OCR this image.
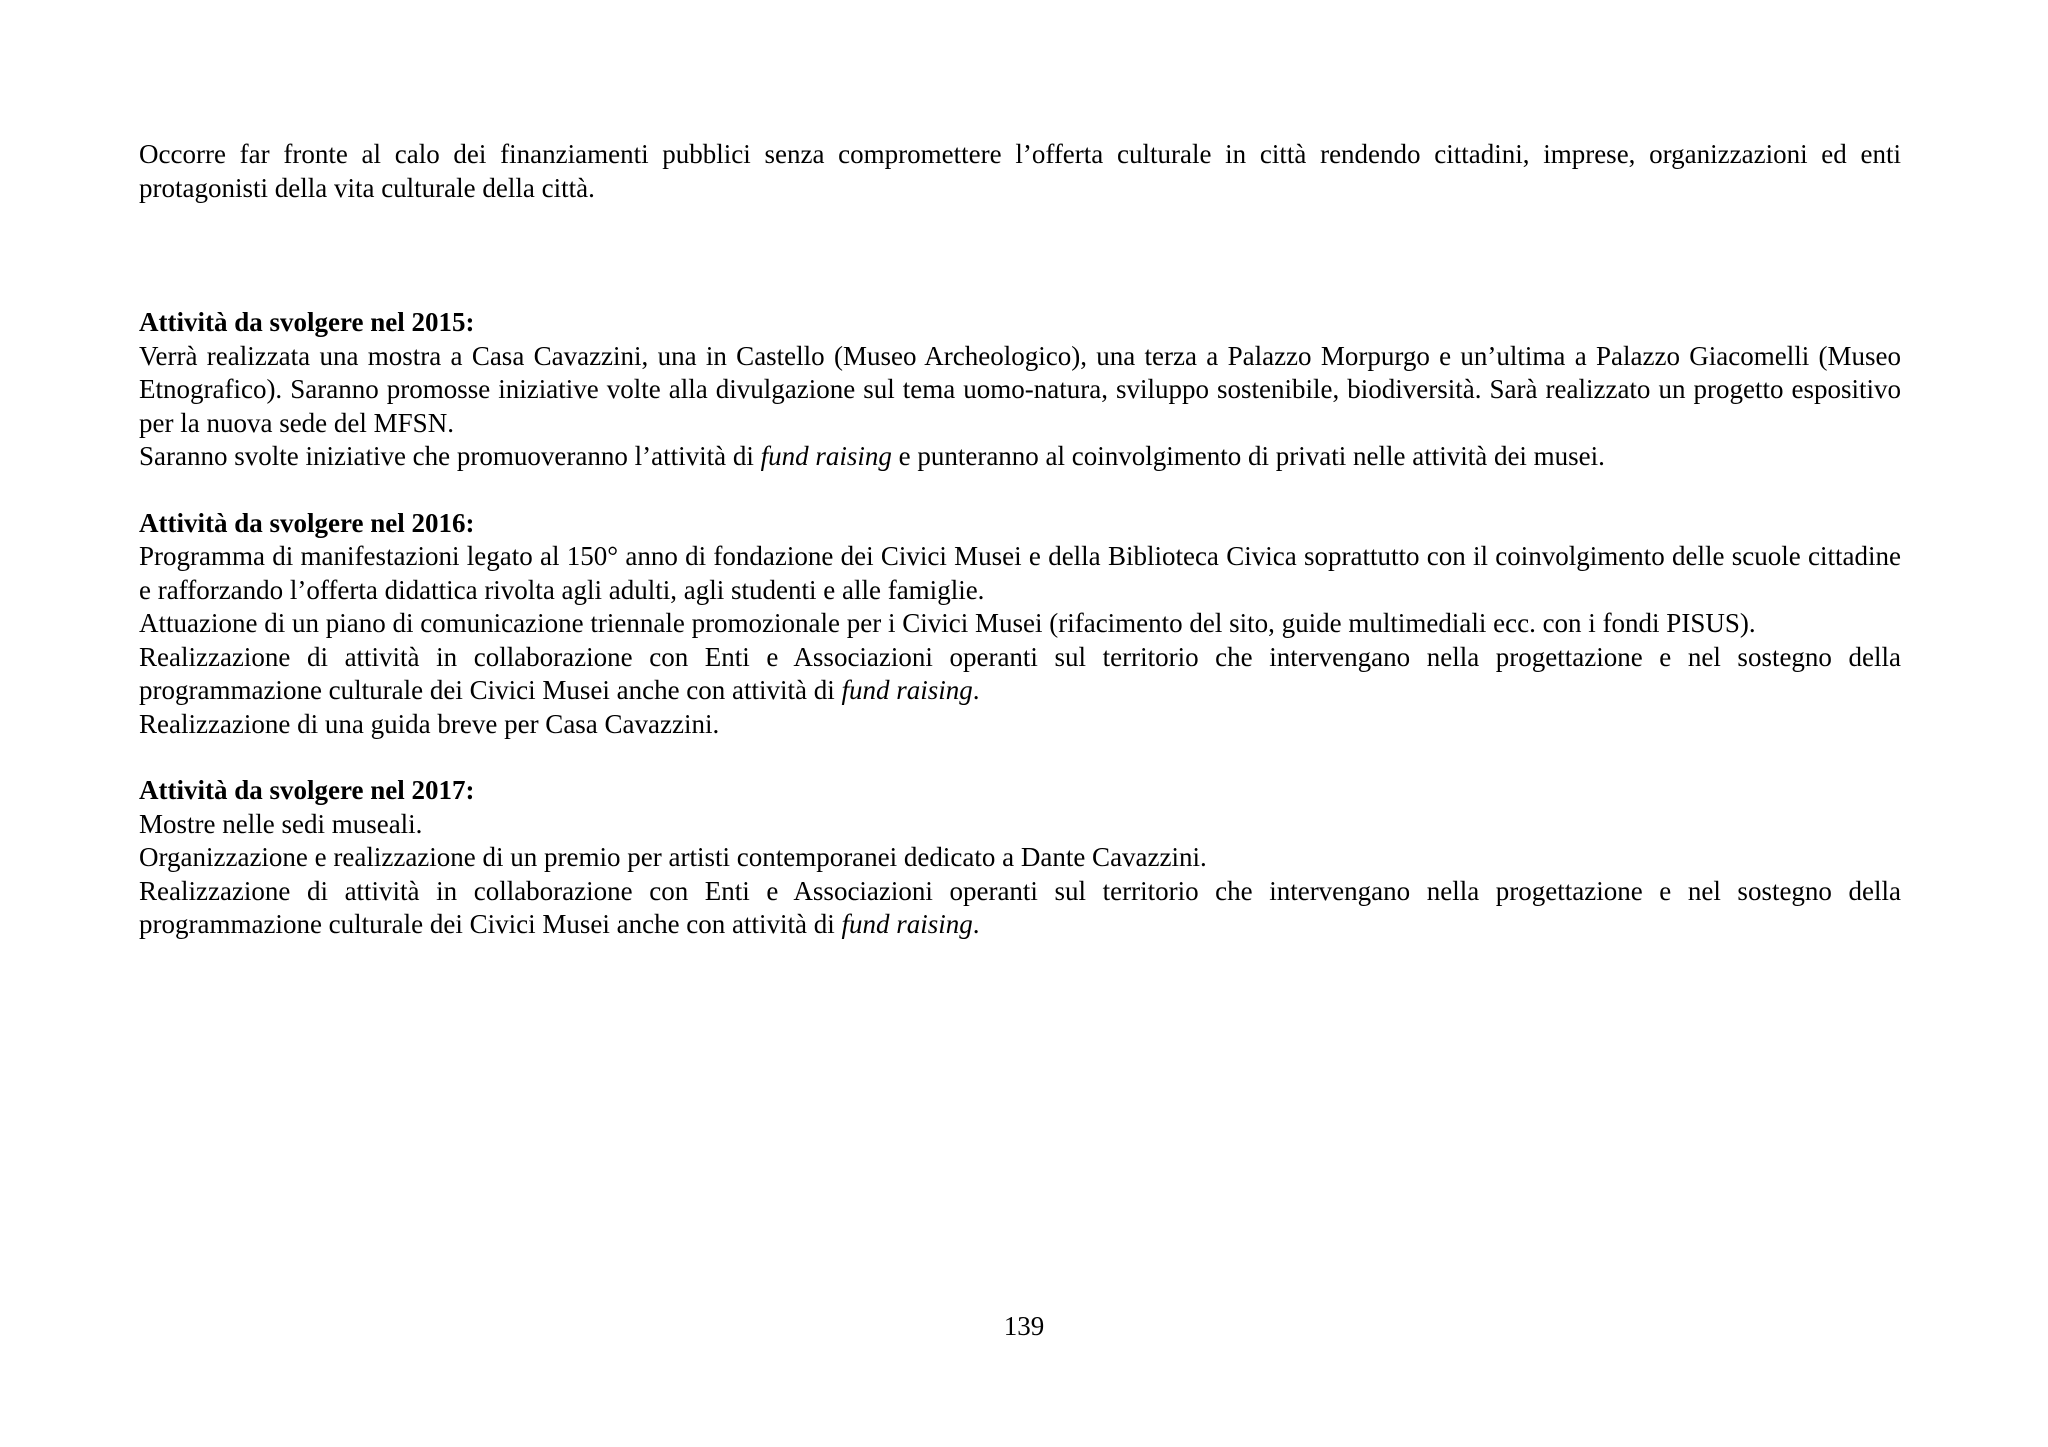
Occorre far fronte al calo dei finanziamenti pubblici senza compromettere l’offerta culturale in città rendendo cittadini, imprese, organizzazioni ed enti protagonisti della vita culturale della città.

Attività da svolgere nel 2015:

Verrà realizzata una mostra a Casa Cavazzini, una in Castello (Museo Archeologico), una terza a Palazzo Morpurgo e un’ultima a Palazzo Giacomelli (Museo Etnografico). Saranno promosse iniziative volte alla divulgazione sul tema uomo-natura, sviluppo sostenibile, biodiversità. Sarà realizzato un progetto espositivo per la nuova sede del MFSN.

Saranno svolte iniziative che promuoveranno l’attività di fund raising e punteranno al coinvolgimento di privati nelle attività dei musei.

Attività da svolgere nel 2016:

Programma di manifestazioni legato al 150° anno di fondazione dei Civici Musei e della Biblioteca Civica soprattutto con il coinvolgimento delle scuole cittadine e rafforzando l’offerta didattica rivolta agli adulti, agli studenti e alle famiglie.

Attuazione di un piano di comunicazione triennale promozionale per i Civici Musei (rifacimento del sito, guide multimediali ecc. con i fondi PISUS).

Realizzazione di attività in collaborazione con Enti e Associazioni operanti sul territorio che intervengano nella progettazione e nel sostegno della programmazione culturale dei Civici Musei anche con attività di fund raising.

Realizzazione di una guida breve per Casa Cavazzini.

Attività da svolgere nel 2017:

Mostre nelle sedi museali.

Organizzazione e realizzazione di un premio per artisti contemporanei dedicato a Dante Cavazzini.

Realizzazione di attività in collaborazione con Enti e Associazioni operanti sul territorio che intervengano nella progettazione e nel sostegno della programmazione culturale dei Civici Musei anche con attività di fund raising.

139
